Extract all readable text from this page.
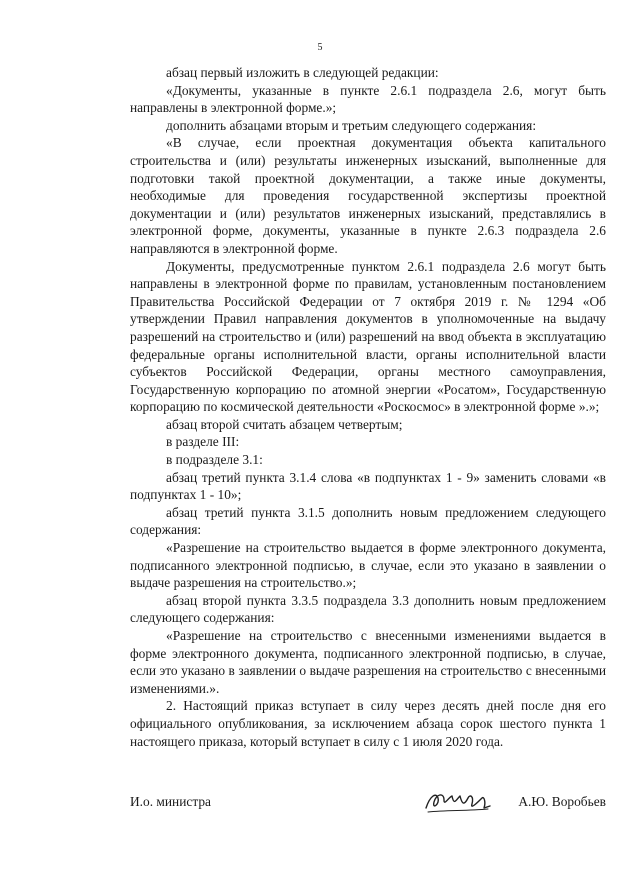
5

абзац первый изложить в следующей редакции:

«Документы, указанные в пункте 2.6.1 подраздела 2.6, могут быть направлены в электронной форме.»;

дополнить абзацами вторым и третьим следующего содержания:

«В случае, если проектная документация объекта капитального строительства и (или) результаты инженерных изысканий, выполненные для подготовки такой проектной документации, а также иные документы, необходимые для проведения государственной экспертизы проектной документации и (или) результатов инженерных изысканий, представлялись в электронной форме, документы, указанные в пункте 2.6.3 подраздела 2.6 направляются в электронной форме.

Документы, предусмотренные пунктом 2.6.1 подраздела 2.6 могут быть направлены в электронной форме по правилам, установленным постановлением Правительства Российской Федерации от 7 октября 2019 г. № 1294 «Об утверждении Правил направления документов в уполномоченные на выдачу разрешений на строительство и (или) разрешений на ввод объекта в эксплуатацию федеральные органы исполнительной власти, органы исполнительной власти субъектов Российской Федерации, органы местного самоуправления, Государственную корпорацию по атомной энергии «Росатом», Государственную корпорацию по космической деятельности «Роскосмос» в электронной форме ».»;

абзац второй считать абзацем четвертым;

в разделе III:

в подразделе 3.1:

абзац третий пункта 3.1.4 слова «в подпунктах 1 - 9» заменить словами «в подпунктах 1 - 10»;

абзац третий пункта 3.1.5 дополнить новым предложением следующего содержания:

«Разрешение на строительство выдается в форме электронного документа, подписанного электронной подписью, в случае, если это указано в заявлении о выдаче разрешения на строительство.»;

абзац второй пункта 3.3.5 подраздела 3.3 дополнить новым предложением следующего содержания:

«Разрешение на строительство с внесенными изменениями выдается в форме электронного документа, подписанного электронной подписью, в случае, если это указано в заявлении о выдаче разрешения на строительство с внесенными изменениями.».

2. Настоящий приказ вступает в силу через десять дней после дня его официального опубликования, за исключением абзаца сорок шестого пункта 1 настоящего приказа, который вступает в силу с 1 июля 2020 года.

И.о. министра	А.Ю. Воробьев
